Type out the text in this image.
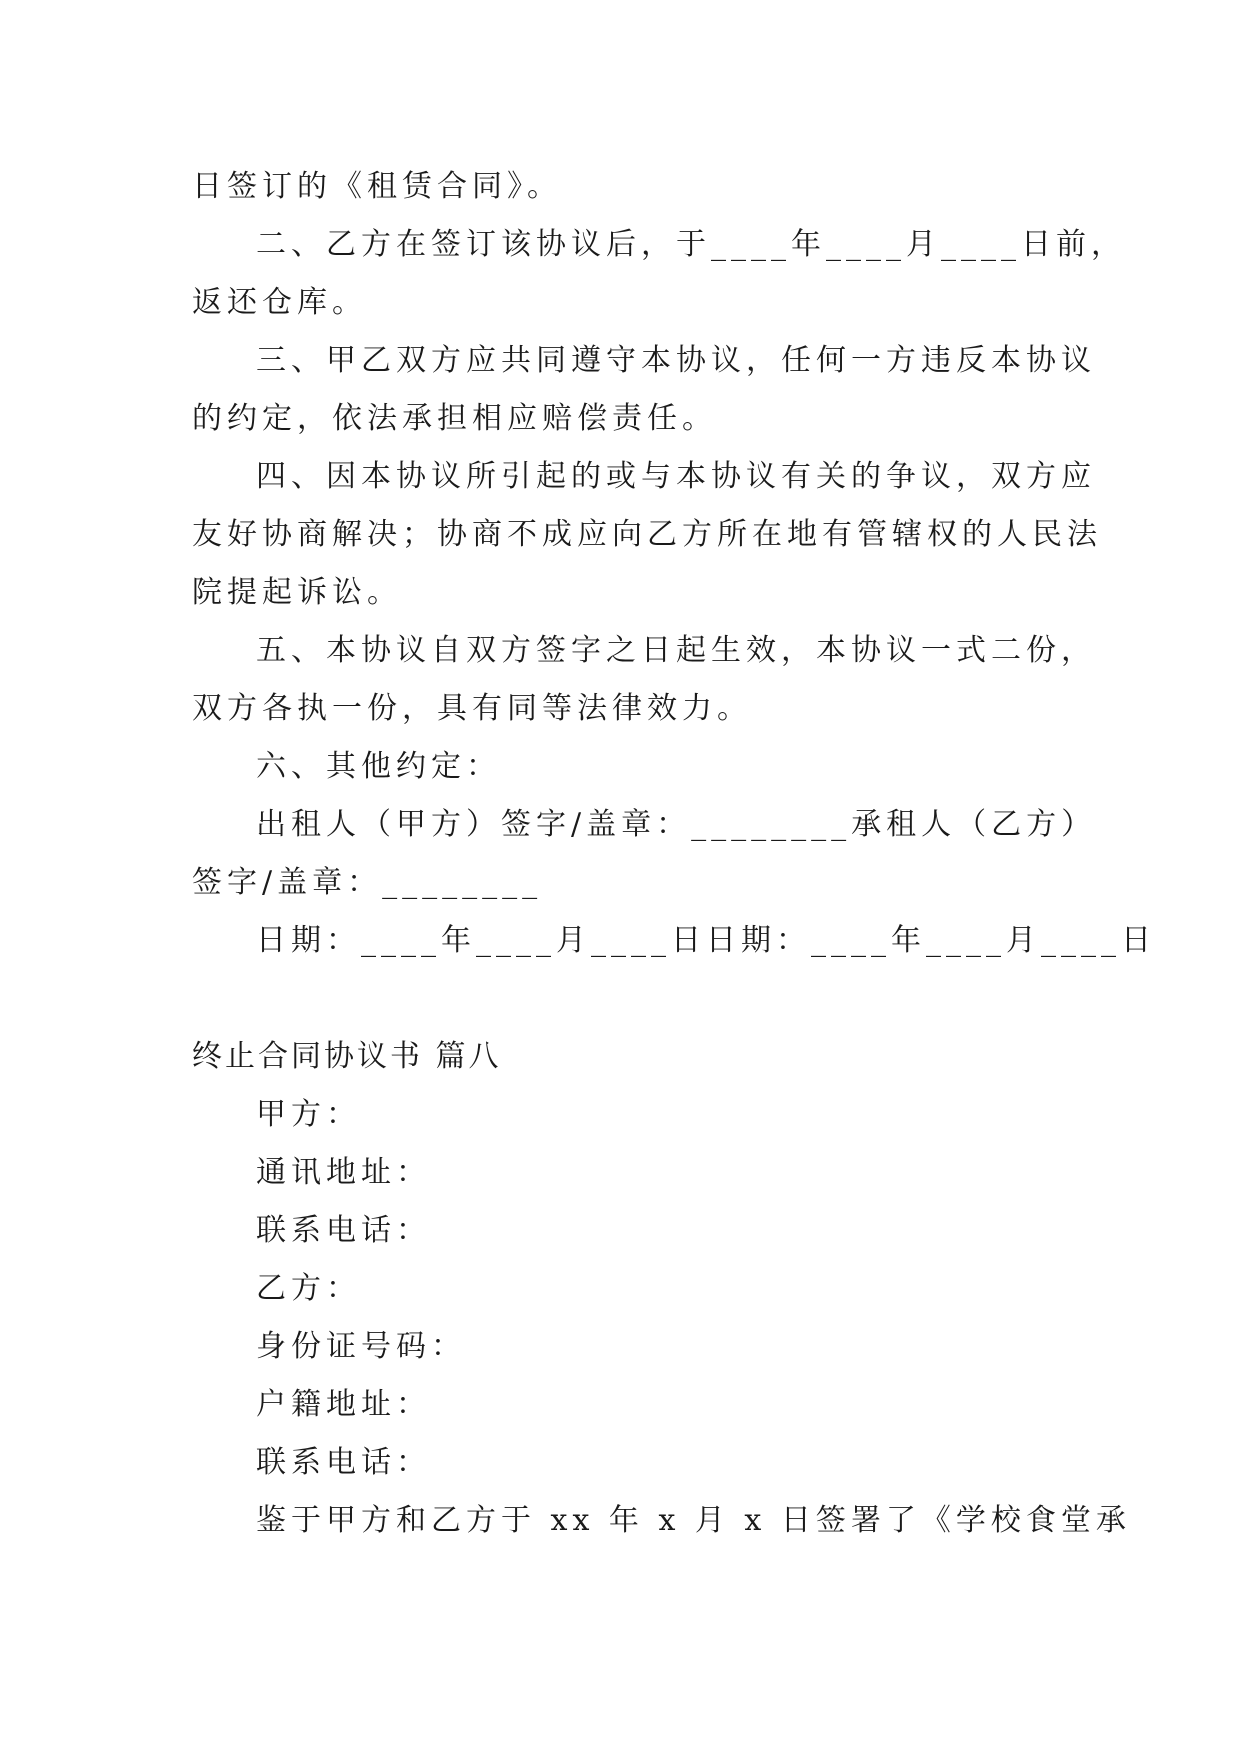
日签订的《租赁合同》。
二、乙方在签订该协议后，于____年____月____日前，
返还仓库。
三、甲乙双方应共同遵守本协议，任何一方违反本协议
的约定，依法承担相应赔偿责任。
四、因本协议所引起的或与本协议有关的争议，双方应
友好协商解决；协商不成应向乙方所在地有管辖权的人民法
院提起诉讼。
五、本协议自双方签字之日起生效，本协议一式二份，
双方各执一份，具有同等法律效力。
六、其他约定：
出租人（甲方）签字/盖章：________承租人（乙方）
签字/盖章：________
日期：____年____月____日日期：____年____月____日
终止合同协议书 篇八
甲方：
通讯地址：
联系电话：
乙方：
身份证号码：
户籍地址：
联系电话：
鉴于甲方和乙方于 xx 年 x 月 x 日签署了《学校食堂承
